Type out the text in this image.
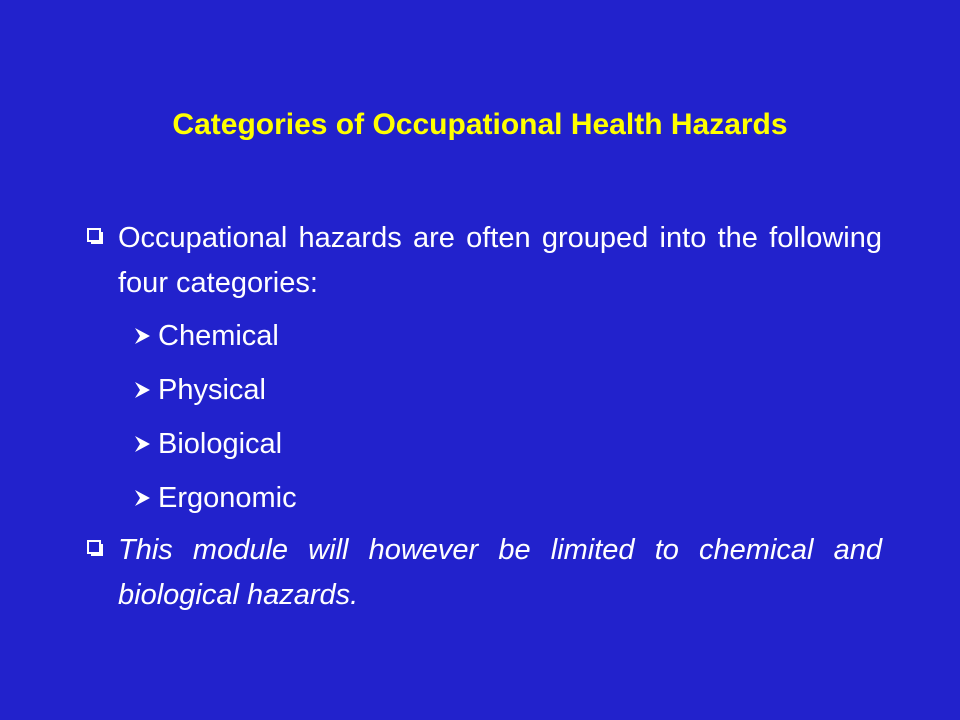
Categories of Occupational Health Hazards
Occupational hazards are often grouped into the following four categories:
Chemical
Physical
Biological
Ergonomic
This module will however be limited to chemical and biological hazards.
